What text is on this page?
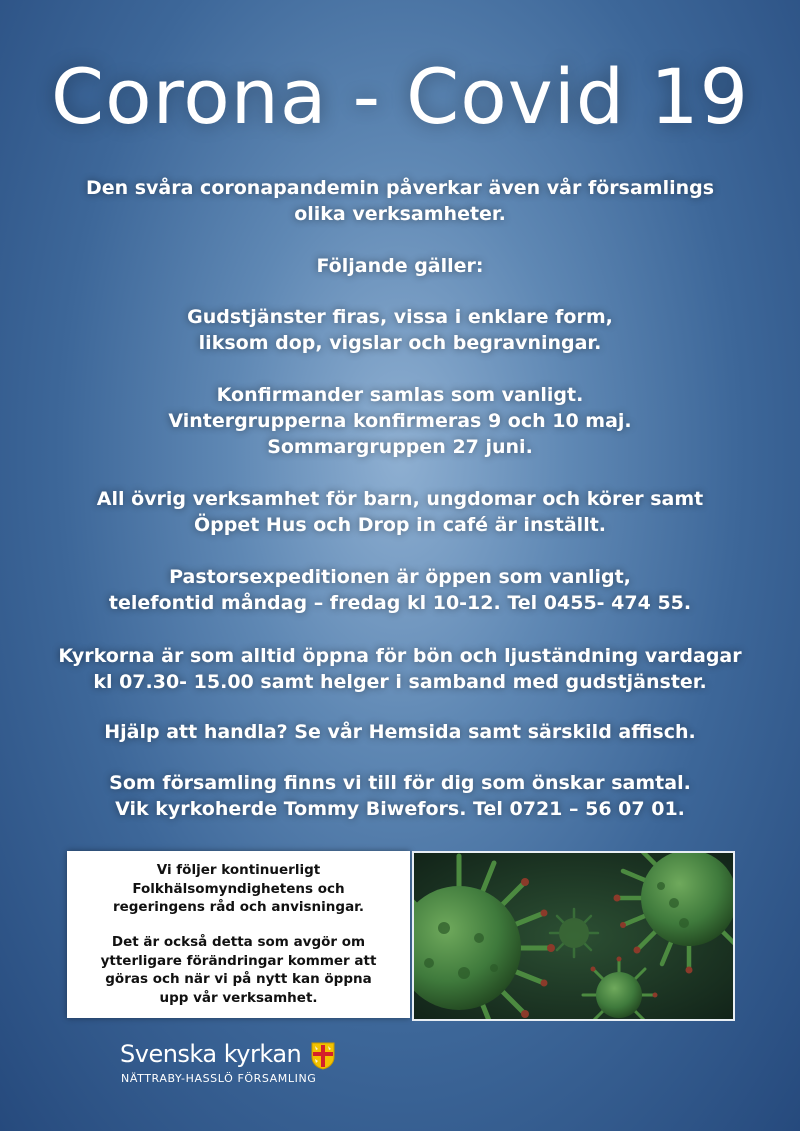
Corona - Covid 19
Den svåra coronapandemin påverkar även vår församlings
olika verksamheter.
Följande gäller:
Gudstjänster firas, vissa i enklare form,
liksom dop, vigslar och begravningar.
Konfirmander samlas som vanligt.
Vintergrupperna konfirmeras 9 och 10 maj.
Sommargruppen 27 juni.
All övrig verksamhet för barn, ungdomar och körer samt
Öppet Hus och Drop in café är inställt.
Pastorsexpeditionen är öppen som vanligt,
telefontid måndag – fredag kl 10-12. Tel 0455- 474 55.
Kyrkorna är som alltid öppna för bön och ljuständning vardagar
kl 07.30- 15.00 samt helger i samband med gudstjänster.
Hjälp att handla? Se vår Hemsida samt särskild affisch.
Som församling finns vi till för dig som önskar samtal.
Vik kyrkoherde Tommy Biwefors. Tel 0721 – 56 07 01.
Vi följer kontinuerligt
Folkhälsomyndighetens och
regeringens råd och anvisningar.
Det är också detta som avgör om
ytterligare förändringar kommer att
göras och när vi på nytt kan öppna
upp vår verksamhet.
Svenska kyrkan
NÄTTRABY-HASSLÖ FÖRSAMLING
